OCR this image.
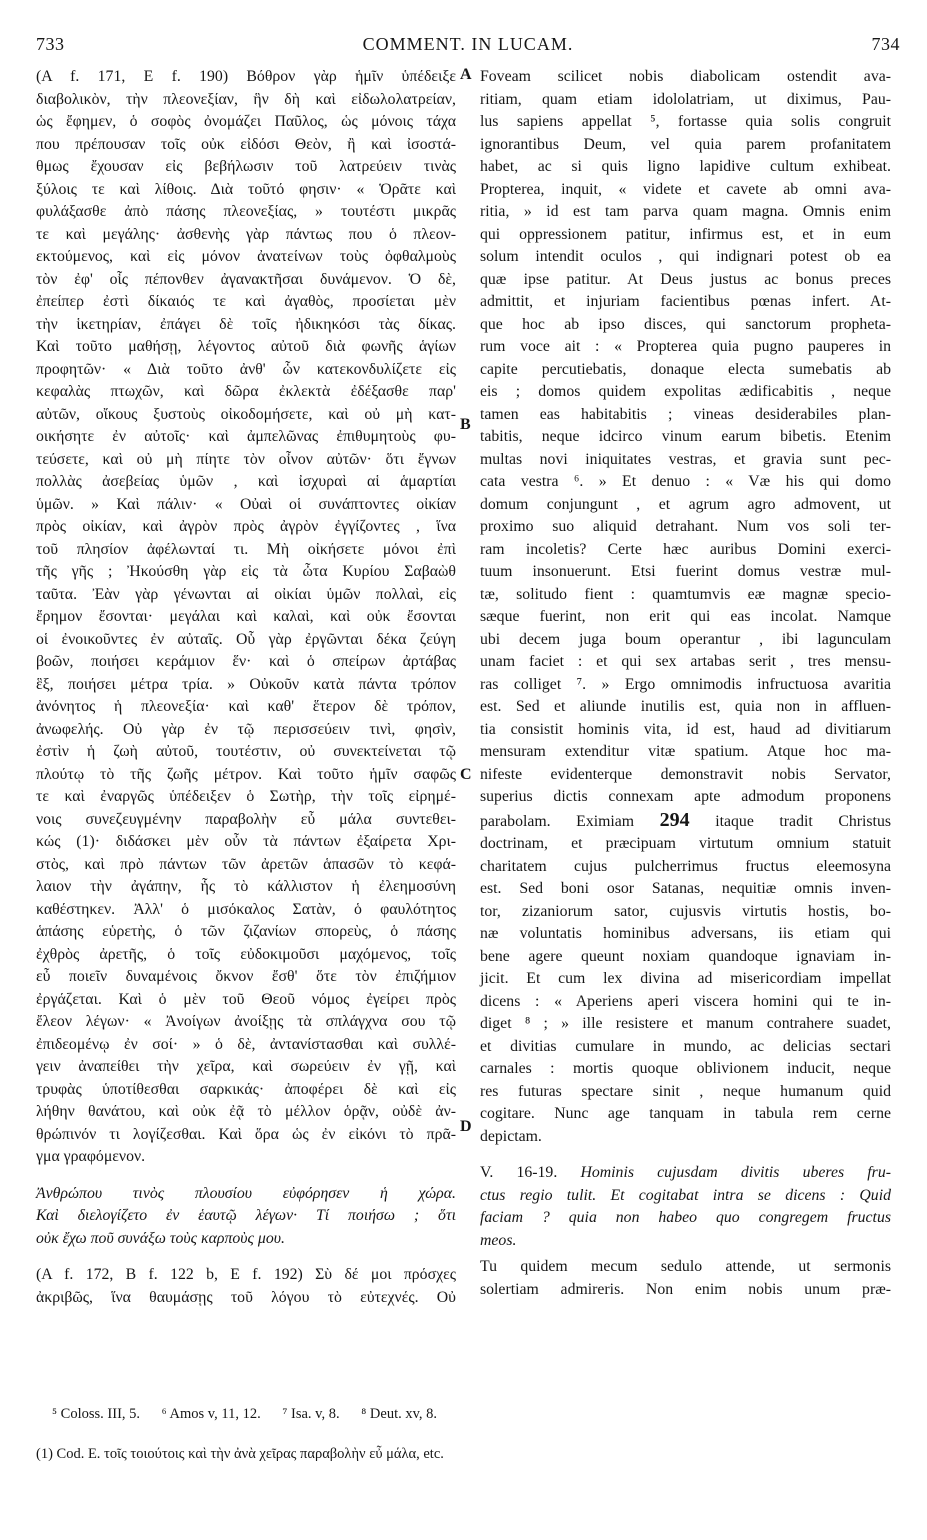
733	COMMENT. IN LUCAM.	734
(A f. 171, E f. 190) Βόθρον γὰρ ἡμῖν ὑπέδειξε
διαβολικὸν, τὴν πλεονεξίαν, ἣν δὴ καὶ εἰδωλολατρείαν,
ὡς ἔφημεν, ὁ σοφὸς ὀνομάζει Παῦλος, ὡς μόνοις τάχα
που πρέπουσαν τοῖς οὐκ εἰδόσι Θεὸν, ἢ καὶ ἰσοστά-
θμως ἔχουσαν εἰς βεβήλωσιν τοῦ λατρεύειν τινὰς
ξύλοις τε καὶ λίθοις. Διὰ τοῦτό φησιν· « Ὁρᾶτε καὶ
φυλάξασθε ἀπὸ πάσης πλεονεξίας, » τουτέστι μικρᾶς
τε καὶ μεγάλης· ἀσθενὴς γὰρ πάντως που ὁ πλεον-
εκτούμενος, καὶ εἰς μόνον ἀνατείνων τοὺς ὀφθαλμοὺς
τὸν ἐφ' οἷς πέπονθεν ἀγανακτῆσαι δυνάμενον. Ὁ δὲ,
ἐπείπερ ἐστὶ δίκαιός τε καὶ ἀγαθὸς, προσίεται μὲν
τὴν ἱκετηρίαν, ἐπάγει δὲ τοῖς ἠδικηκόσι τὰς δίκας.
Καὶ τοῦτο μαθήσῃ, λέγοντος αὐτοῦ διὰ φωνῆς ἁγίων
προφητῶν· « Διὰ τοῦτο ἀνθ' ὧν κατεκονδυλίζετε εἰς
κεφαλὰς πτωχῶν, καὶ δῶρα ἐκλεκτὰ ἐδέξασθε παρ'
αὐτῶν, οἴκους ξυστοὺς οἰκοδομήσετε, καὶ οὐ μὴ κατ-
οικήσητε ἐν αὐτοῖς· καὶ ἀμπελῶνας ἐπιθυμητοὺς φυ-
τεύσετε, καὶ οὐ μὴ πίητε τὸν οἶνον αὐτῶν· ὅτι ἔγνων
πολλὰς ἀσεβείας ὑμῶν , καὶ ἰσχυραὶ αἱ ἁμαρτίαι
ὑμῶν. » Καὶ πάλιν· « Οὐαὶ οἱ συνάπτοντες οἰκίαν
πρὸς οἰκίαν, καὶ ἀγρὸν πρὸς ἀγρὸν ἐγγίζοντες , ἵνα
τοῦ πλησίον ἀφέλωνταί τι. Μὴ οἰκήσετε μόνοι ἐπὶ
τῆς γῆς ; Ἠκούσθη γὰρ εἰς τὰ ὦτα Κυρίου Σαβαὼθ
ταῦτα. Ἐὰν γὰρ γένωνται αἱ οἰκίαι ὑμῶν πολλαὶ, εἰς
ἔρημον ἔσονται· μεγάλαι καὶ καλαὶ, καὶ οὐκ ἔσονται
οἱ ἐνοικοῦντες ἐν αὐταῖς. Οὗ γὰρ ἐργῶνται δέκα ζεύγη
βοῶν, ποιήσει κεράμιον ἕν· καὶ ὁ σπείρων ἀρτάβας
ἓξ, ποιήσει μέτρα τρία. » Οὐκοῦν κατὰ πάντα τρόπον
ἀνόνητος ἡ πλεονεξία· καὶ καθ' ἕτερον δὲ τρόπον,
ἀνωφελής. Οὐ γὰρ ἐν τῷ περισσεύειν τινὶ, φησὶν,
ἐστὶν ἡ ζωὴ αὐτοῦ, τουτέστιν, οὐ συνεκτείνεται τῷ
πλούτῳ τὸ τῆς ζωῆς μέτρον. Καὶ τοῦτο ἡμῖν σαφῶς
τε καὶ ἐναργῶς ὑπέδειξεν ὁ Σωτὴρ, τὴν τοῖς εἰρημέ-
νοις συνεζευγμένην παραβολὴν εὖ μάλα συντεθει-
κώς (1)· διδάσκει μὲν οὖν τὰ πάντων ἐξαίρετα Χρι-
στὸς, καὶ πρὸ πάντων τῶν ἀρετῶν ἁπασῶν τὸ κεφά-
λαιον τὴν ἀγάπην, ἧς τὸ κάλλιστον ἡ ἐλεημοσύνη
καθέστηκεν. Ἀλλ' ὁ μισόκαλος Σατὰν, ὁ φαυλότητος
ἁπάσης εὑρετὴς, ὁ τῶν ζιζανίων σπορεὺς, ὁ πάσης
ἐχθρὸς ἀρετῆς, ὁ τοῖς εὐδοκιμοῦσι μαχόμενος, τοῖς
εὖ ποιεῖν δυναμένοις ὄκνον ἔσθ' ὅτε τὸν ἐπιζήμιον
ἐργάζεται. Καὶ ὁ μὲν τοῦ Θεοῦ νόμος ἐγείρει πρὸς
ἔλεον λέγων· « Ἀνοίγων ἀνοίξῃς τὰ σπλάγχνα σου τῷ
ἐπιδεομένῳ ἐν σοί· » ὁ δὲ, ἀντανίστασθαι καὶ συλλέ-
γειν ἀναπείθει τὴν χεῖρα, καὶ σωρεύειν ἐν γῇ, καὶ
τρυφὰς ὑποτίθεσθαι σαρκικάς· ἀποφέρει δὲ καὶ εἰς
λήθην θανάτου, καὶ οὐκ ἐᾷ τὸ μέλλον ὁρᾷν, οὐδὲ ἀν-
θρώπινόν τι λογίζεσθαι. Καὶ ὅρα ὡς ἐν εἰκόνι τὸ πρᾶ-
γμα γραφόμενον.
Ἀνθρώπου τινὸς πλουσίου εὐφόρησεν ἡ χώρα.
Καὶ διελογίζετο ἐν ἑαυτῷ λέγων· Τί ποιήσω ; ὅτι
οὐκ ἔχω ποῦ συνάξω τοὺς καρποὺς μου.
(A f. 172, B f. 122 b, E f. 192) Σὺ δέ μοι πρόσχες
ἀκριβῶς, ἵνα θαυμάσῃς τοῦ λόγου τὸ εὐτεχνές. Οὐ
Foveam scilicet nobis diabolicam ostendit ava-
ritiam, quam etiam idololatriam, ut diximus, Pau-
lus sapiens appellat ⁵, fortasse quia solis congruit
ignorantibus Deum, vel quia parem profanitatem
habet, ac si quis ligno lapidive cultum exhibeat.
Propterea, inquit, « videte et cavete ab omni ava-
ritia, » id est tam parva quam magna. Omnis enim
qui oppressionem patitur, infirmus est, et in eum
solum intendit oculos , qui indignari potest ob ea
quæ ipse patitur. At Deus justus ac bonus preces
admittit, et injuriam facientibus pœnas infert. At-
que hoc ab ipso disces, qui sanctorum propheta-
rum voce ait : « Propterea quia pugno pauperes in
capite percutiebatis, donaque electa sumebatis ab
eis ; domos quidem expolitas ædificabitis , neque
tamen eas habitabitis ; vineas desiderabiles plan-
tabitis, neque idcirco vinum earum bibetis. Etenim
multas novi iniquitates vestras, et gravia sunt pec-
cata vestra ⁶. » Et denuo : « Væ his qui domo
domum conjungunt , et agrum agro admovent, ut
proximo suo aliquid detrahant. Num vos soli ter-
ram incoletis? Certe hæc auribus Domini exerci-
tuum insonuerunt. Etsi fuerint domus vestræ mul-
tæ, solitudo fient : quamtumvis eæ magnæ specio-
sæque fuerint, non erit qui eas incolat. Namque
ubi decem juga boum operantur , ibi lagunculam
unam faciet : et qui sex artabas serit , tres mensu-
ras colliget ⁷. » Ergo omnimodis infructuosa avaritia
est. Sed et aliunde inutilis est, quia non in affluen-
tia consistit hominis vita, id est, haud ad divitiarum
mensuram extenditur vitæ spatium. Atque hoc ma-
nifeste evidenterque demonstravit nobis Servator,
superius dictis connexam apte admodum proponens
parabolam. Eximiam 294 itaque tradit Christus
doctrinam, et præcipuam virtutum omnium statuit
charitatem cujus pulcherrimus fructus eleemosyna
est. Sed boni osor Satanas, nequitiæ omnis inven-
tor, zizaniorum sator, cujusvis virtutis hostis, bo-
næ voluntatis hominibus adversans, iis etiam qui
bene agere queunt noxiam quandoque ignaviam in-
jicit. Et cum lex divina ad misericordiam impellat
dicens : « Aperiens aperi viscera homini qui te in-
diget ⁸ ; » ille resistere et manum contrahere suadet,
et divitias cumulare in mundo, ac delicias sectari
carnales : mortis quoque oblivionem inducit, neque
res futuras spectare sinit , neque humanum quid
cogitare. Nunc age tanquam in tabula rem cerne
depictam.
V. 16-19. Hominis cujusdam divitis uberes fru-
ctus regio tulit. Et cogitabat intra se dicens : Quid
faciam ? quia non habeo quo congregem fructus
meos.
Tu quidem mecum sedulo attende, ut sermonis
solertiam admireris. Non enim nobis unum præ-
A
B
C
D
⁵ Coloss. III, 5. ⁶ Amos v, 11, 12. ⁷ Isa. v, 8. ⁸ Deut. xv, 8.
(1) Cod. E. τοῖς τοιούτοις καὶ τὴν ἀνὰ χεῖρας παραβολὴν εὖ μάλα, etc.
